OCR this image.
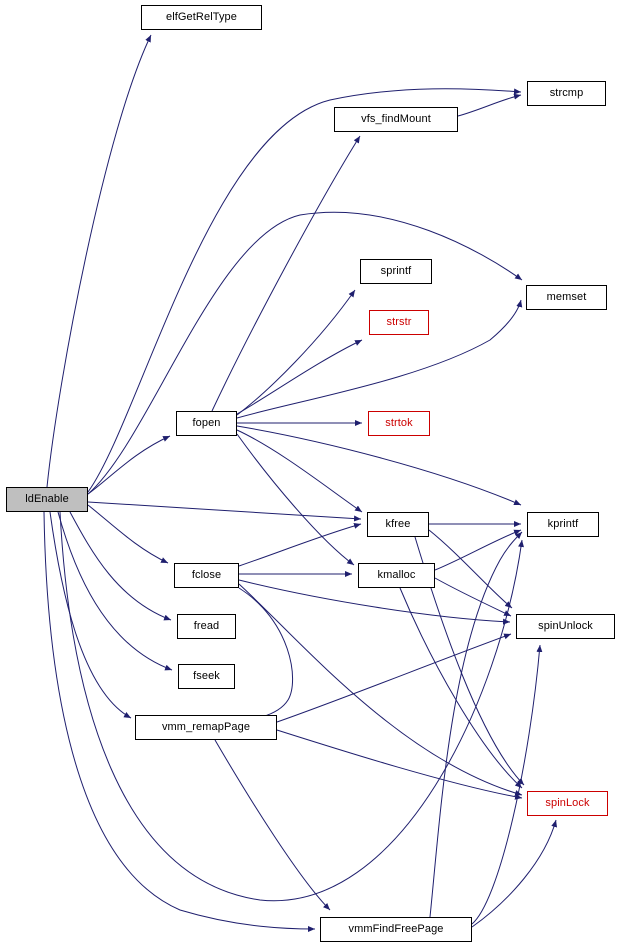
elfGetRelType
strcmp
vfs_findMount
sprintf
memset
strstr
fopen	strtok
ldEnable
kfree	kprintf
fclose	kmalloc
fread	spinUnlock
fseek
vmm_remapPage
spinLock
vmmFindFreePage
